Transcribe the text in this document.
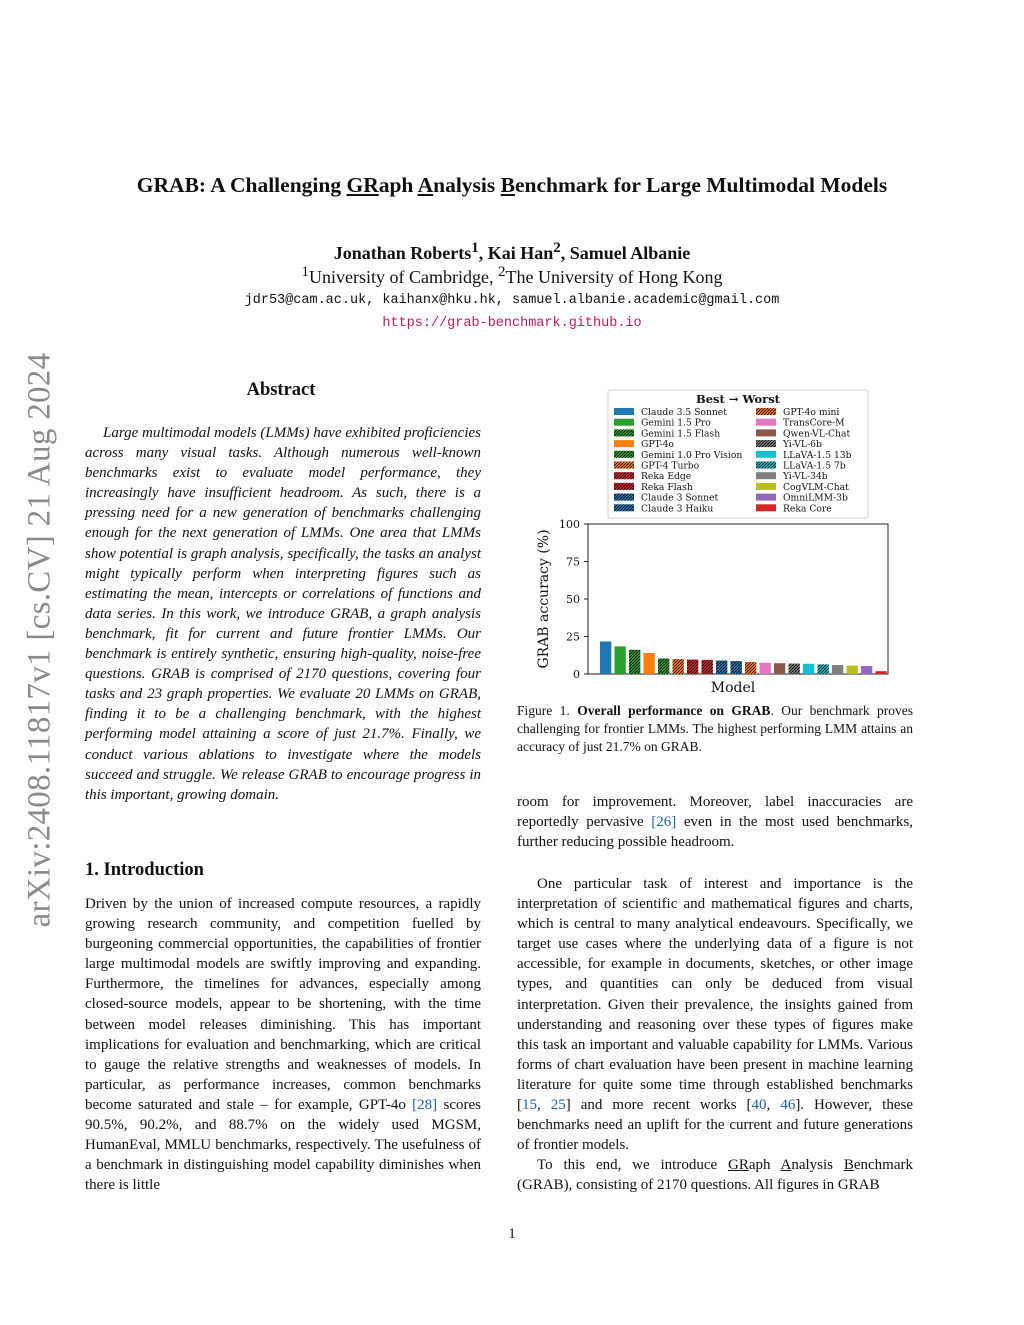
arXiv:2408.11817v1 [cs.CV] 21 Aug 2024
GRAB: A Challenging GRaph Analysis Benchmark for Large Multimodal Models
Jonathan Roberts$^1$, Kai Han$^2$, Samuel Albanie
$^1$University of Cambridge, $^2$The University of Hong Kong
jdr53@cam.ac.uk, kaihanx@hku.hk, samuel.albanie.academic@gmail.com
https://grab-benchmark.github.io
Abstract
Large multimodal models (LMMs) have exhibited proficiencies across many visual tasks. Although numerous well-known benchmarks exist to evaluate model performance, they increasingly have insufficient headroom. As such, there is a pressing need for a new generation of benchmarks challenging enough for the next generation of LMMs. One area that LMMs show potential is graph analysis, specifically, the tasks an analyst might typically perform when interpreting figures such as estimating the mean, intercepts or correlations of functions and data series. In this work, we introduce GRAB, a graph analysis benchmark, fit for current and future frontier LMMs. Our benchmark is entirely synthetic, ensuring high-quality, noise-free questions. GRAB is comprised of 2170 questions, covering four tasks and 23 graph properties. We evaluate 20 LMMs on GRAB, finding it to be a challenging benchmark, with the highest performing model attaining a score of just 21.7%. Finally, we conduct various ablations to investigate where the models succeed and struggle. We release GRAB to encourage progress in this important, growing domain.
1. Introduction
Driven by the union of increased compute resources, a rapidly growing research community, and competition fuelled by burgeoning commercial opportunities, the capabilities of frontier large multimodal models are swiftly improving and expanding. Furthermore, the timelines for advances, especially among closed-source models, appear to be shortening, with the time between model releases diminishing. This has important implications for evaluation and benchmarking, which are critical to gauge the relative strengths and weaknesses of models. In particular, as performance increases, common benchmarks become saturated and stale – for example, GPT-4o [28] scores 90.5%, 90.2%, and 88.7% on the widely used MGSM, HumanEval, MMLU benchmarks, respectively. The usefulness of a benchmark in distinguishing model capability diminishes when there is little
Best → Worst
Claude 3.5 Sonnet
Gemini 1.5 Pro
Gemini 1.5 Flash
GPT-4o
Gemini 1.0 Pro Vision
GPT-4 Turbo
Reka Edge
Reka Flash
Claude 3 Sonnet
Claude 3 Haiku
GPT-4o mini
TransCore-M
Qwen-VL-Chat
Yi-VL-6b
LLaVA-1.5 13b
LLaVA-1.5 7b
Yi-VL-34b
CogVLM-Chat
OmniLMM-3b
Reka Core
0
25
50
75
100
GRAB accuracy (%)
Model
Figure 1. Overall performance on GRAB. Our benchmark proves challenging for frontier LMMs. The highest performing LMM attains an accuracy of just 21.7% on GRAB.
room for improvement. Moreover, label inaccuracies are reportedly pervasive [26] even in the most used benchmarks, further reducing possible headroom.
One particular task of interest and importance is the interpretation of scientific and mathematical figures and charts, which is central to many analytical endeavours. Specifically, we target use cases where the underlying data of a figure is not accessible, for example in documents, sketches, or other image types, and quantities can only be deduced from visual interpretation. Given their prevalence, the insights gained from understanding and reasoning over these types of figures make this task an important and valuable capability for LMMs. Various forms of chart evaluation have been present in machine learning literature for quite some time through established benchmarks [15, 25] and more recent works [40, 46]. However, these benchmarks need an uplift for the current and future generations of frontier models.
To this end, we introduce GRaph Analysis Benchmark (GRAB), consisting of 2170 questions. All figures in GRAB
1
